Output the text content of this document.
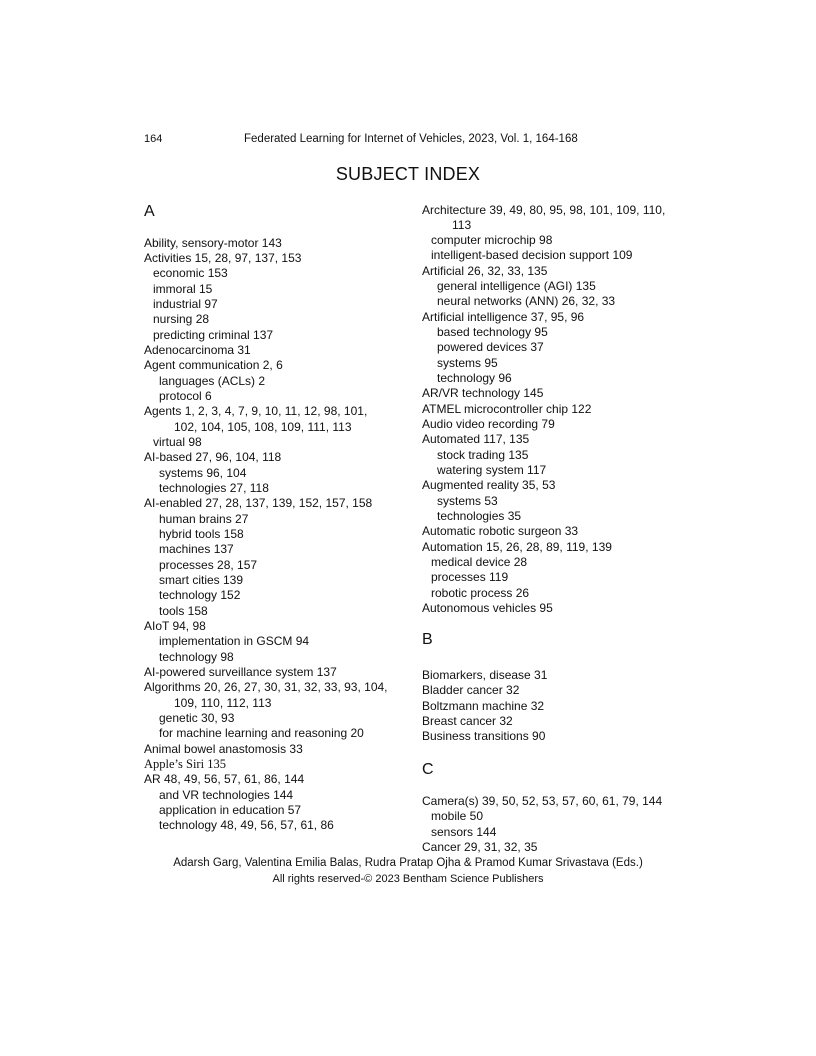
164	Federated Learning for Internet of Vehicles, 2023, Vol. 1, 164-168
SUBJECT INDEX
A
Ability, sensory-motor 143
Activities 15, 28, 97, 137, 153
economic 153
immoral 15
industrial 97
nursing 28
predicting criminal 137
Adenocarcinoma 31
Agent communication 2, 6
languages (ACLs) 2
protocol 6
Agents 1, 2, 3, 4, 7, 9, 10, 11, 12, 98, 101,
102, 104, 105, 108, 109, 111, 113
virtual 98
AI-based 27, 96, 104, 118
systems 96, 104
technologies 27, 118
AI-enabled 27, 28, 137, 139, 152, 157, 158
human brains 27
hybrid tools 158
machines 137
processes 28, 157
smart cities 139
technology 152
tools 158
AIoT 94, 98
implementation in GSCM 94
technology 98
AI-powered surveillance system 137
Algorithms 20, 26, 27, 30, 31, 32, 33, 93, 104,
109, 110, 112, 113
genetic 30, 93
for machine learning and reasoning 20
Animal bowel anastomosis 33
Apple’s Siri 135
AR 48, 49, 56, 57, 61, 86, 144
and VR technologies 144
application in education 57
technology 48, 49, 56, 57, 61, 86
Architecture 39, 49, 80, 95, 98, 101, 109, 110,
113
computer microchip 98
intelligent-based decision support 109
Artificial 26, 32, 33, 135
general intelligence (AGI) 135
neural networks (ANN) 26, 32, 33
Artificial intelligence 37, 95, 96
based technology 95
powered devices 37
systems 95
technology 96
AR/VR technology 145
ATMEL microcontroller chip 122
Audio video recording 79
Automated 117, 135
stock trading 135
watering system 117
Augmented reality 35, 53
systems 53
technologies 35
Automatic robotic surgeon 33
Automation 15, 26, 28, 89, 119, 139
medical device 28
processes 119
robotic process 26
Autonomous vehicles 95
B
Biomarkers, disease 31
Bladder cancer 32
Boltzmann machine 32
Breast cancer 32
Business transitions 90
C
Camera(s) 39, 50, 52, 53, 57, 60, 61, 79, 144
mobile 50
sensors 144
Cancer 29, 31, 32, 35
Adarsh Garg, Valentina Emilia Balas, Rudra Pratap Ojha & Pramod Kumar Srivastava (Eds.)
All rights reserved-© 2023 Bentham Science Publishers
